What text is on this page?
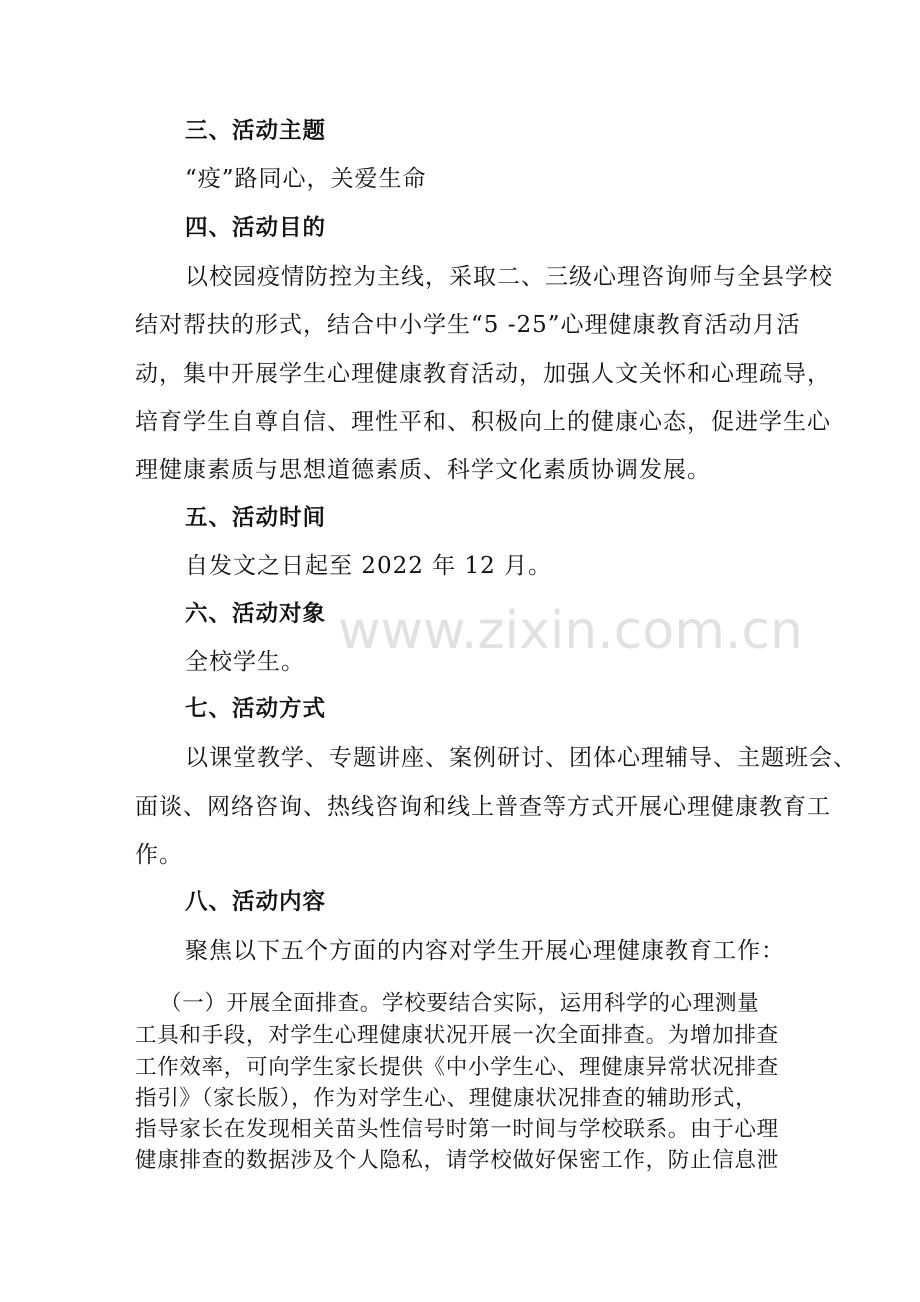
三、活动主题
“疫”路同心，关爱生命
四、活动目的
以校园疫情防控为主线，采取二、三级心理咨询师与全县学校
结对帮扶的形式，结合中小学生“5 -25”心理健康教育活动月活
动，集中开展学生心理健康教育活动，加强人文关怀和心理疏导，
培育学生自尊自信、理性平和、积极向上的健康心态，促进学生心
理健康素质与思想道德素质、科学文化素质协调发展。
五、活动时间
自发文之日起至 2022 年 12 月。
六、活动对象
全校学生。
七、活动方式
以课堂教学、专题讲座、案例研讨、团体心理辅导、主题班会、
面谈、网络咨询、热线咨询和线上普查等方式开展心理健康教育工
作。
八、活动内容
聚焦以下五个方面的内容对学生开展心理健康教育工作：
（一）开展全面排查。学校要结合实际，运用科学的心理测量
工具和手段，对学生心理健康状况开展一次全面排查。为增加排查
工作效率，可向学生家长提供《中小学生心、理健康异常状况排查
指引》（家长版），作为对学生心、理健康状况排查的辅助形式，
指导家长在发现相关苗头性信号时第一时间与学校联系。由于心理
健康排查的数据涉及个人隐私，请学校做好保密工作，防止信息泄
www.zixin.com.cn
